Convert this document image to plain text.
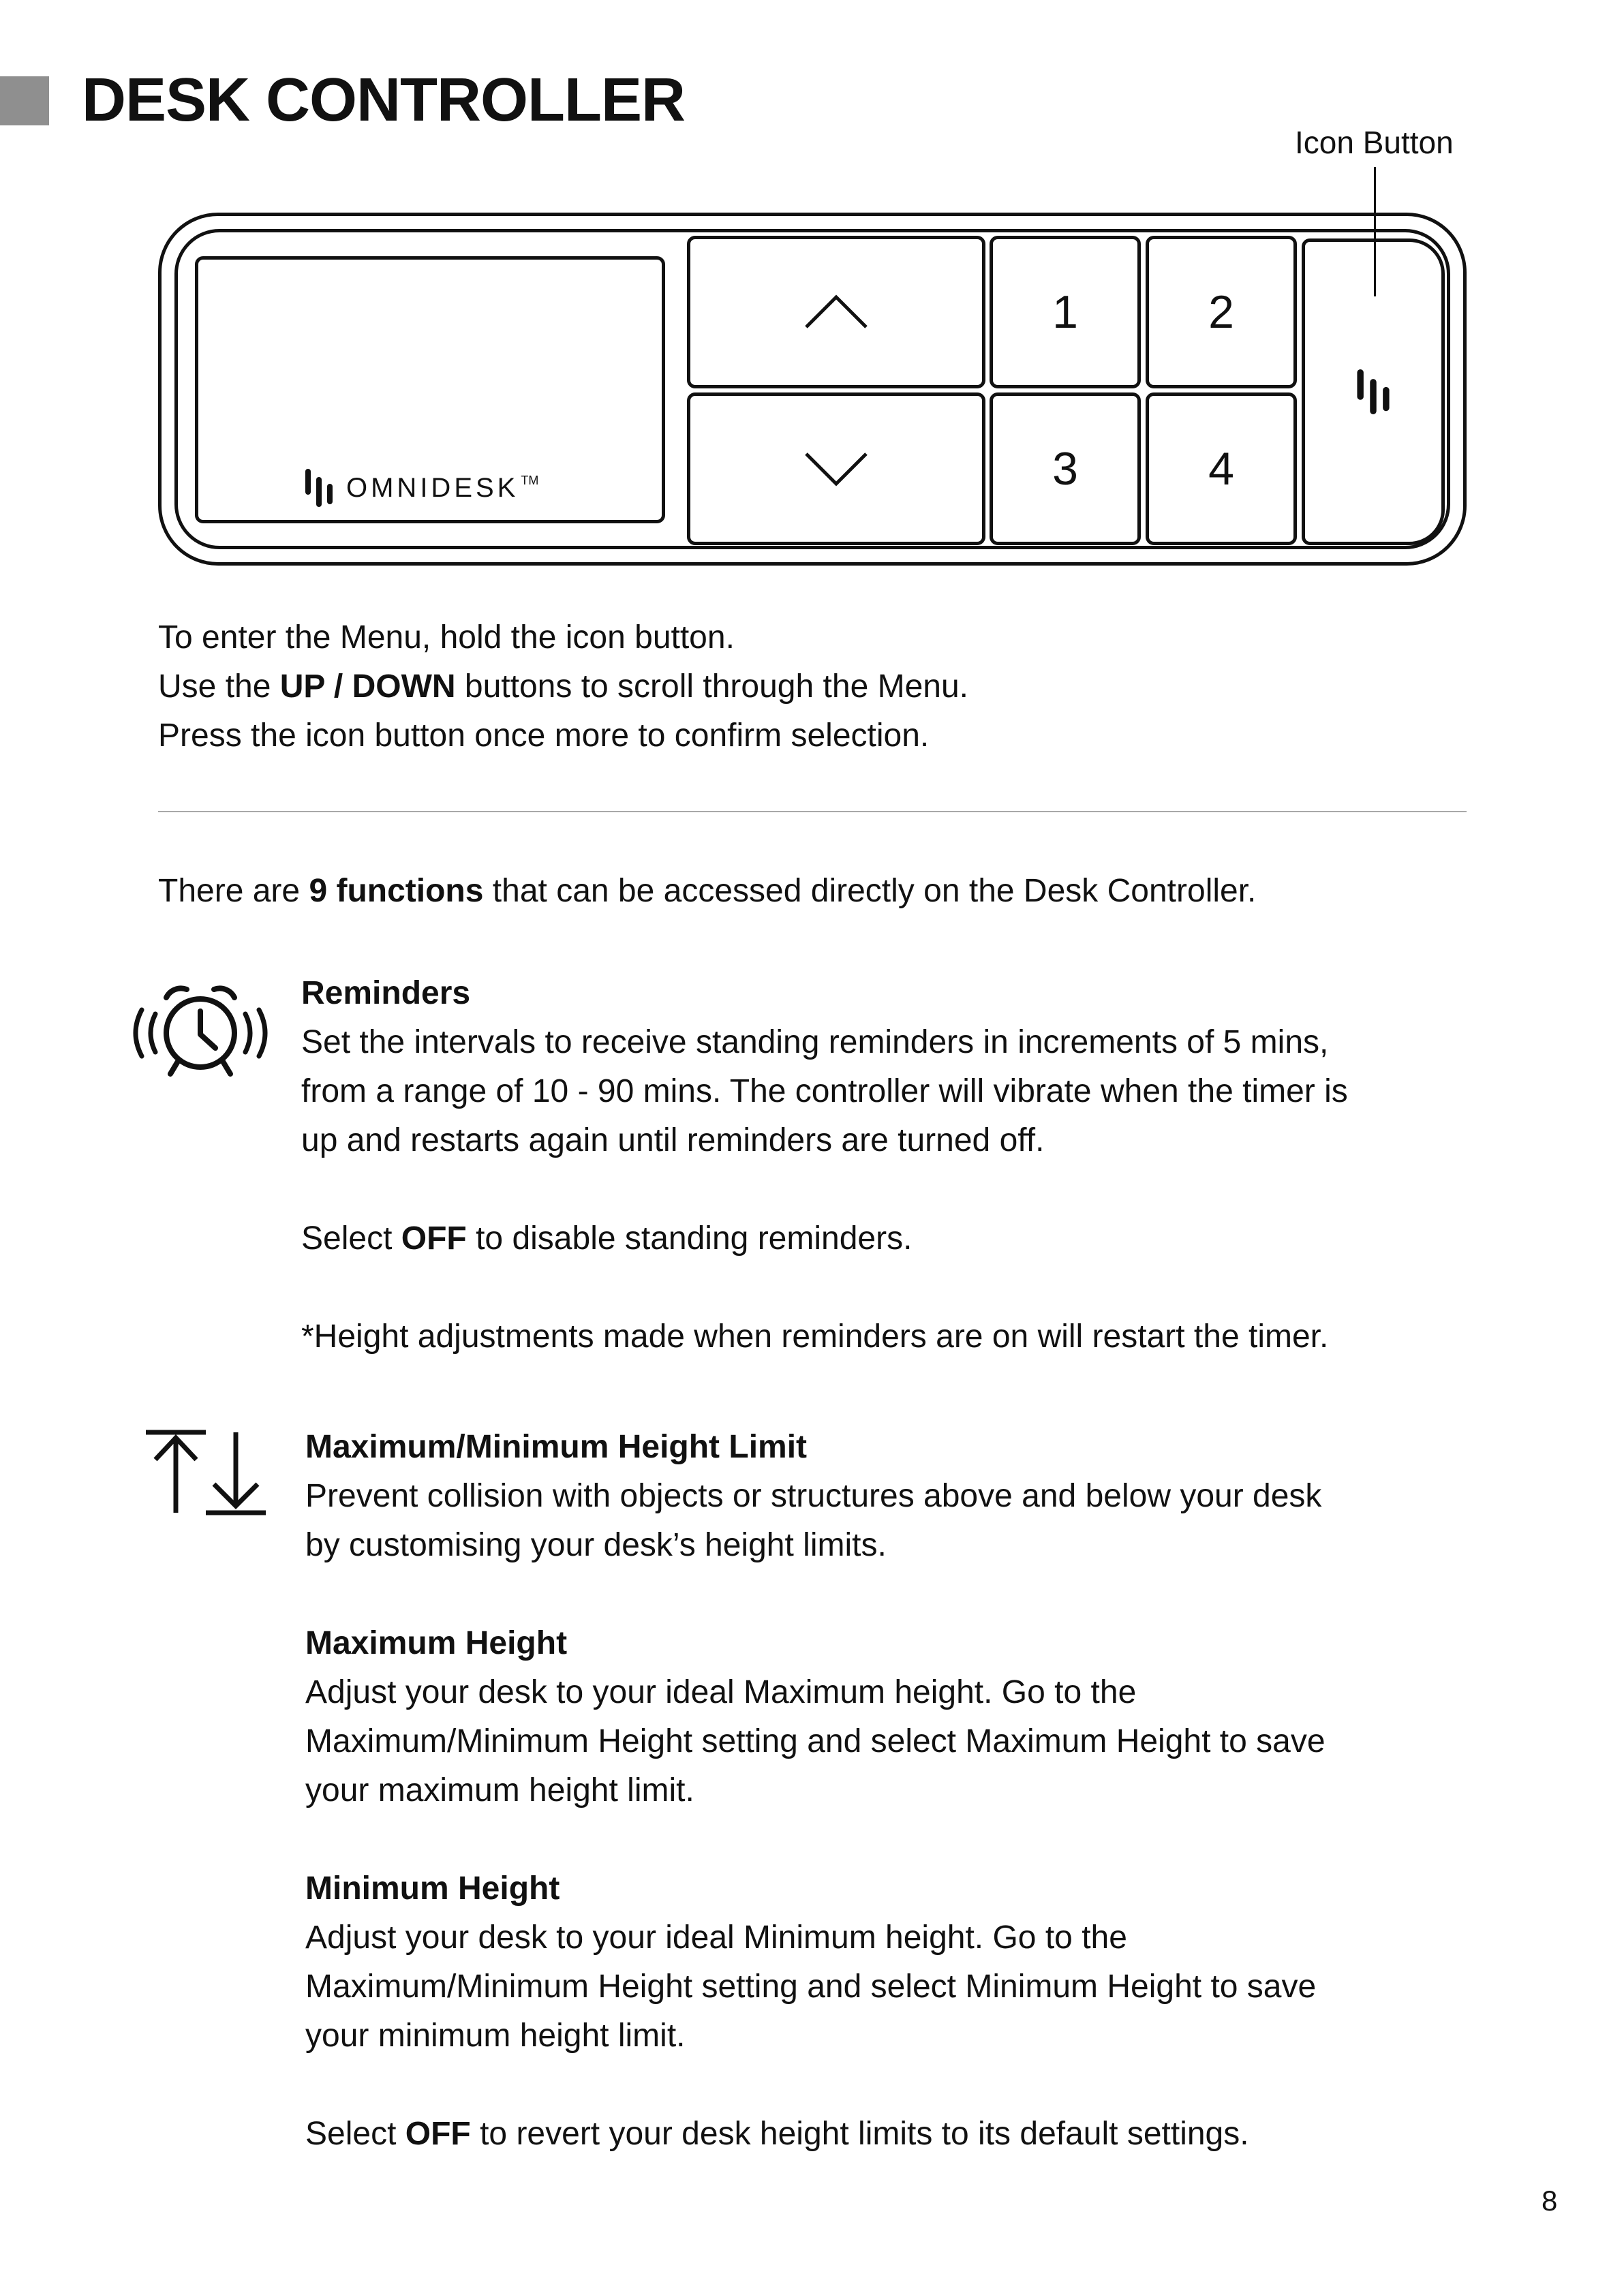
DESK CONTROLLER
Icon Button
OMNIDESK ™
1	2
3	4
To enter the Menu, hold the icon button.
Use the UP / DOWN buttons to scroll through the Menu.
Press the icon button once more to confirm selection.
There are 9 functions that can be accessed directly on the Desk Controller.
Reminders
Set the intervals to receive standing reminders in increments of 5 mins,
from a range of 10 - 90 mins. The controller will vibrate when the timer is
up and restarts again until reminders are turned off.
Select OFF to disable standing reminders.
*Height adjustments made when reminders are on will restart the timer.
Maximum/Minimum Height Limit
Prevent collision with objects or structures above and below your desk
by customising your desk’s height limits.
Maximum Height
Adjust your desk to your ideal Maximum height. Go to the
Maximum/Minimum Height setting and select Maximum Height to save
your maximum height limit.
Minimum Height
Adjust your desk to your ideal Minimum height. Go to the
Maximum/Minimum Height setting and select Minimum Height to save
your minimum height limit.
Select OFF to revert your desk height limits to its default settings.
8
